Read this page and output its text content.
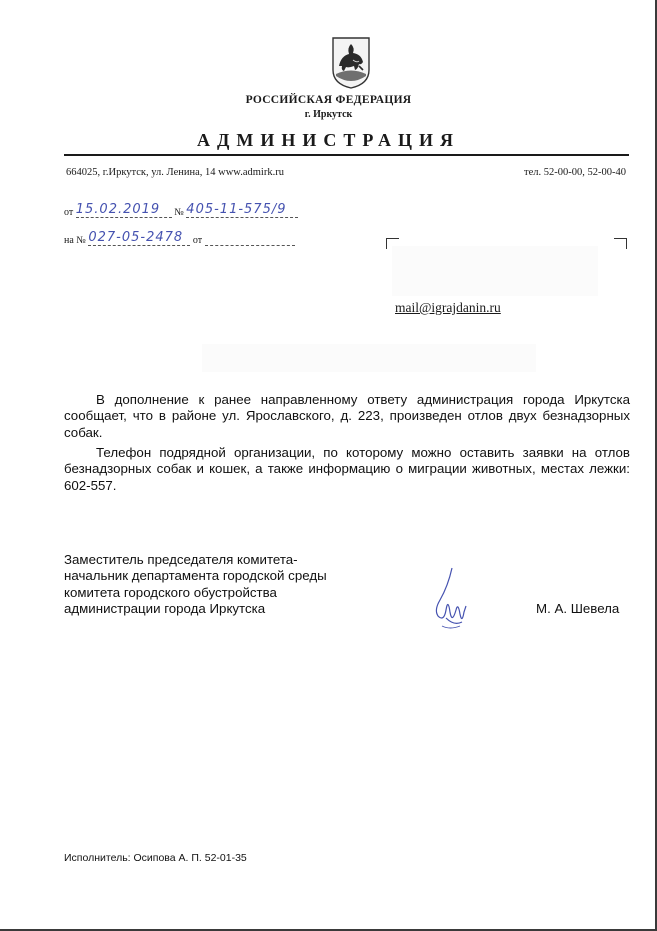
РОССИЙСКАЯ ФЕДЕРАЦИЯ
г. Иркутск
АДМИНИСТРАЦИЯ
664025, г.Иркутск, ул. Ленина, 14 www.admirk.ru	тел. 52-00-00, 52-00-40
от 15.02.2019 № 405-11-575/9
на № 027-05-2478 от
mail@igrajdanin.ru
В дополнение к ранее направленному ответу администрация города Иркутска сообщает, что в районе ул. Ярославского, д. 223, произведен отлов двух безнадзорных собак.
Телефон подрядной организации, по которому можно оставить заявки на отлов безнадзорных собак и кошек, а также информацию о миграции животных, местах лежки: 602-557.
Заместитель председателя комитета-
начальник департамента городской среды
комитета городского обустройства
администрации города Иркутска	М. А. Шевела
Исполнитель: Осипова А. П. 52-01-35
